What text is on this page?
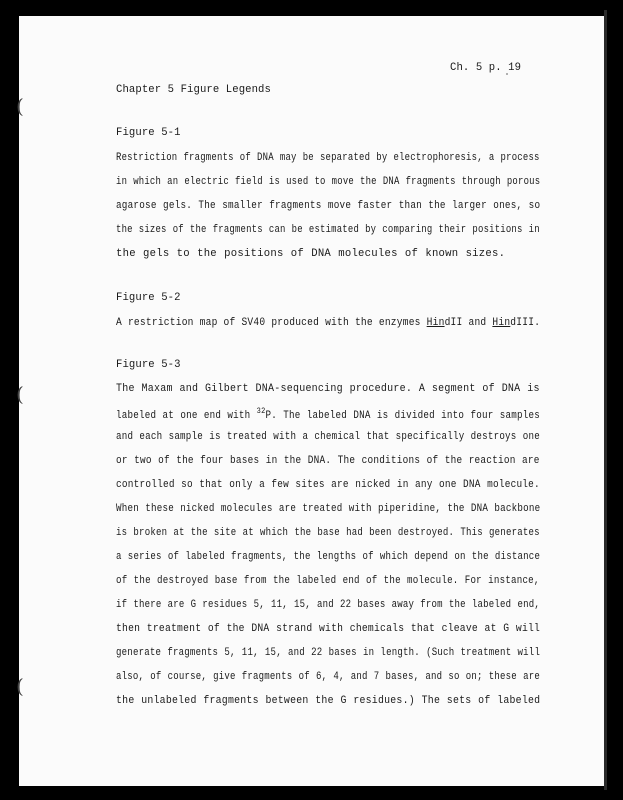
(
(
(
Ch. 5 p. 19
Chapter 5 Figure Legends
Figure 5-1
Restriction fragments of DNA may be separated by electrophoresis, a process
in which an electric field is used to move the DNA fragments through porous
agarose gels. The smaller fragments move faster than the larger ones, so
the sizes of the fragments can be estimated by comparing their positions in
the gels to the positions of DNA molecules of known sizes.
Figure 5-2
A restriction map of SV40 produced with the enzymes HindII and HindIII.
Figure 5-3
The Maxam and Gilbert DNA-sequencing procedure. A segment of DNA is
labeled at one end with $^{32}$P. The labeled DNA is divided into four samples
and each sample is treated with a chemical that specifically destroys one
or two of the four bases in the DNA. The conditions of the reaction are
controlled so that only a few sites are nicked in any one DNA molecule.
When these nicked molecules are treated with piperidine, the DNA backbone
is broken at the site at which the base had been destroyed. This generates
a series of labeled fragments, the lengths of which depend on the distance
of the destroyed base from the labeled end of the molecule. For instance,
if there are G residues 5, 11, 15, and 22 bases away from the labeled end,
then treatment of the DNA strand with chemicals that cleave at G will
generate fragments 5, 11, 15, and 22 bases in length. (Such treatment will
also, of course, give fragments of 6, 4, and 7 bases, and so on; these are
the unlabeled fragments between the G residues.) The sets of labeled
